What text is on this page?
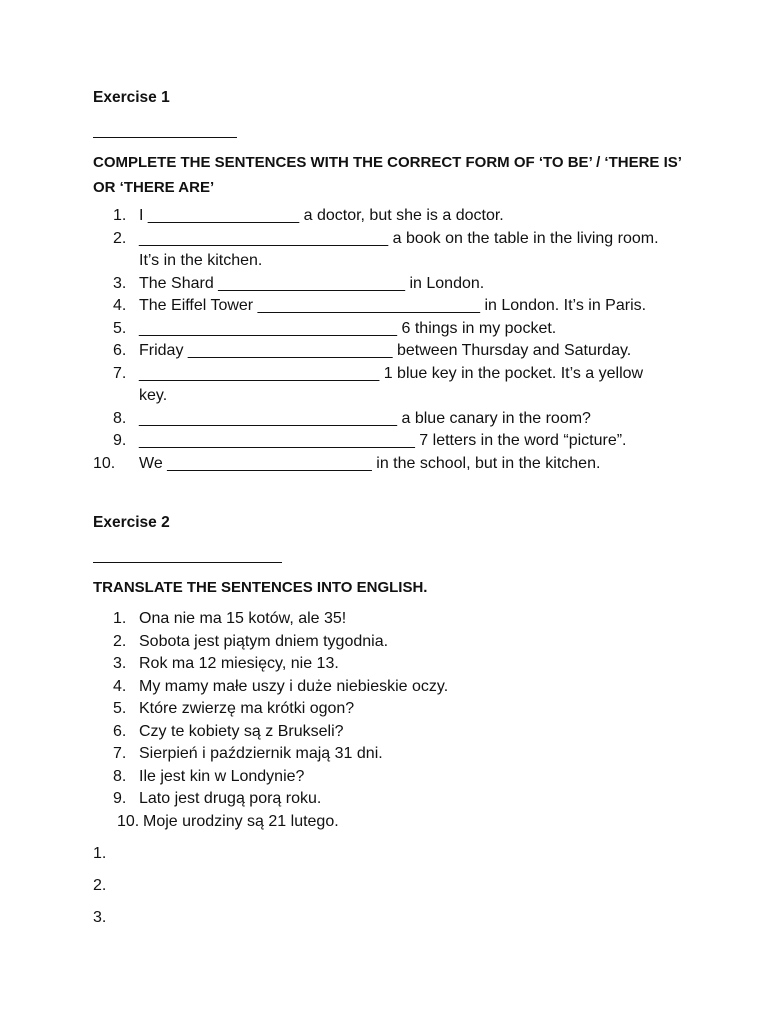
Exercise 1
COMPLETE THE SENTENCES WITH THE CORRECT FORM OF ‘TO BE’ / ‘THERE IS’ OR ‘THERE ARE’
1. I _________________ a doctor, but she is a doctor.
2. ____________________________ a book on the table in the living room.
It’s in the kitchen.
3. The Shard _____________________ in London.
4. The Eiffel Tower _________________________ in London. It’s in Paris.
5. _____________________________ 6 things in my pocket.
6. Friday _______________________ between Thursday and Saturday.
7. ___________________________ 1 blue key in the pocket. It’s a yellow
key.
8. _____________________________ a blue canary in the room?
9. _______________________________ 7 letters in the word “picture”.
10. We _______________________ in the school, but in the kitchen.
Exercise 2
TRANSLATE THE SENTENCES INTO ENGLISH.
1. Ona nie ma 15 kotów, ale 35!
2. Sobota jest piątym dniem tygodnia.
3. Rok ma 12 miesięcy, nie 13.
4. My mamy małe uszy i duże niebieskie oczy.
5. Które zwierzę ma krótki ogon?
6. Czy te kobiety są z Brukseli?
7. Sierpień i październik mają 31 dni.
8. Ile jest kin w Londynie?
9. Lato jest drugą porą roku.
10. Moje urodziny są 21 lutego.
1.
2.
3.
